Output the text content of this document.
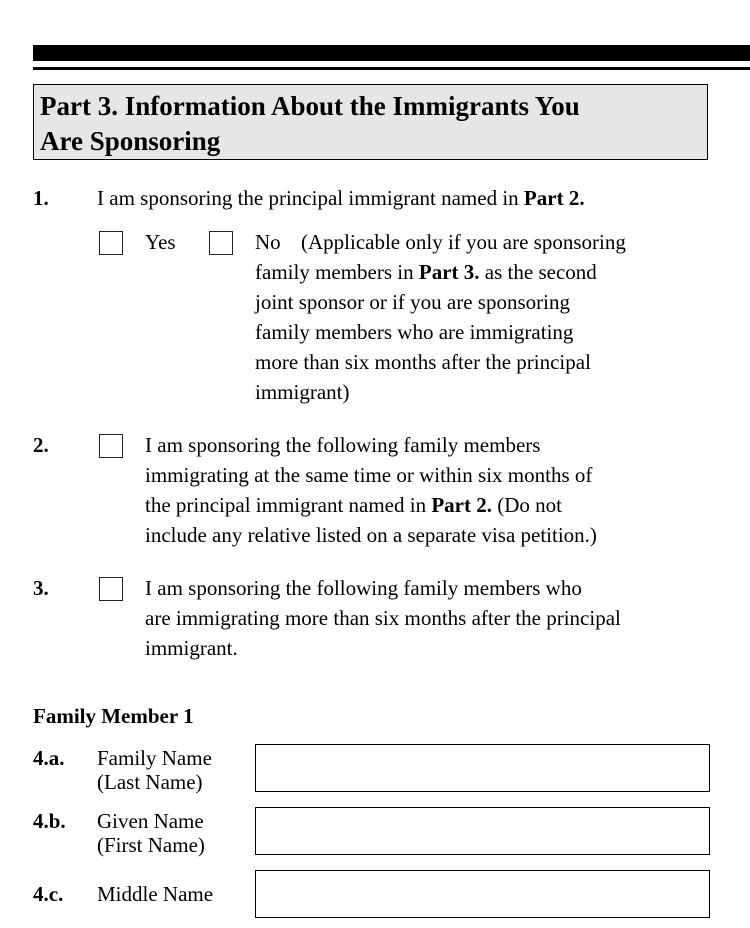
Part 3. Information About the Immigrants You
Are Sponsoring
1. I am sponsoring the principal immigrant named in Part 2.
Yes	No (Applicable only if you are sponsoring
family members in Part 3. as the second
joint sponsor or if you are sponsoring
family members who are immigrating
more than six months after the principal
immigrant)
2.	I am sponsoring the following family members
immigrating at the same time or within six months of
the principal immigrant named in Part 2. (Do not
include any relative listed on a separate visa petition.)
3.	I am sponsoring the following family members who
are immigrating more than six months after the principal
immigrant.
Family Member 1
4.a. Family Name
(Last Name)
4.b. Given Name
(First Name)
4.c. Middle Name
